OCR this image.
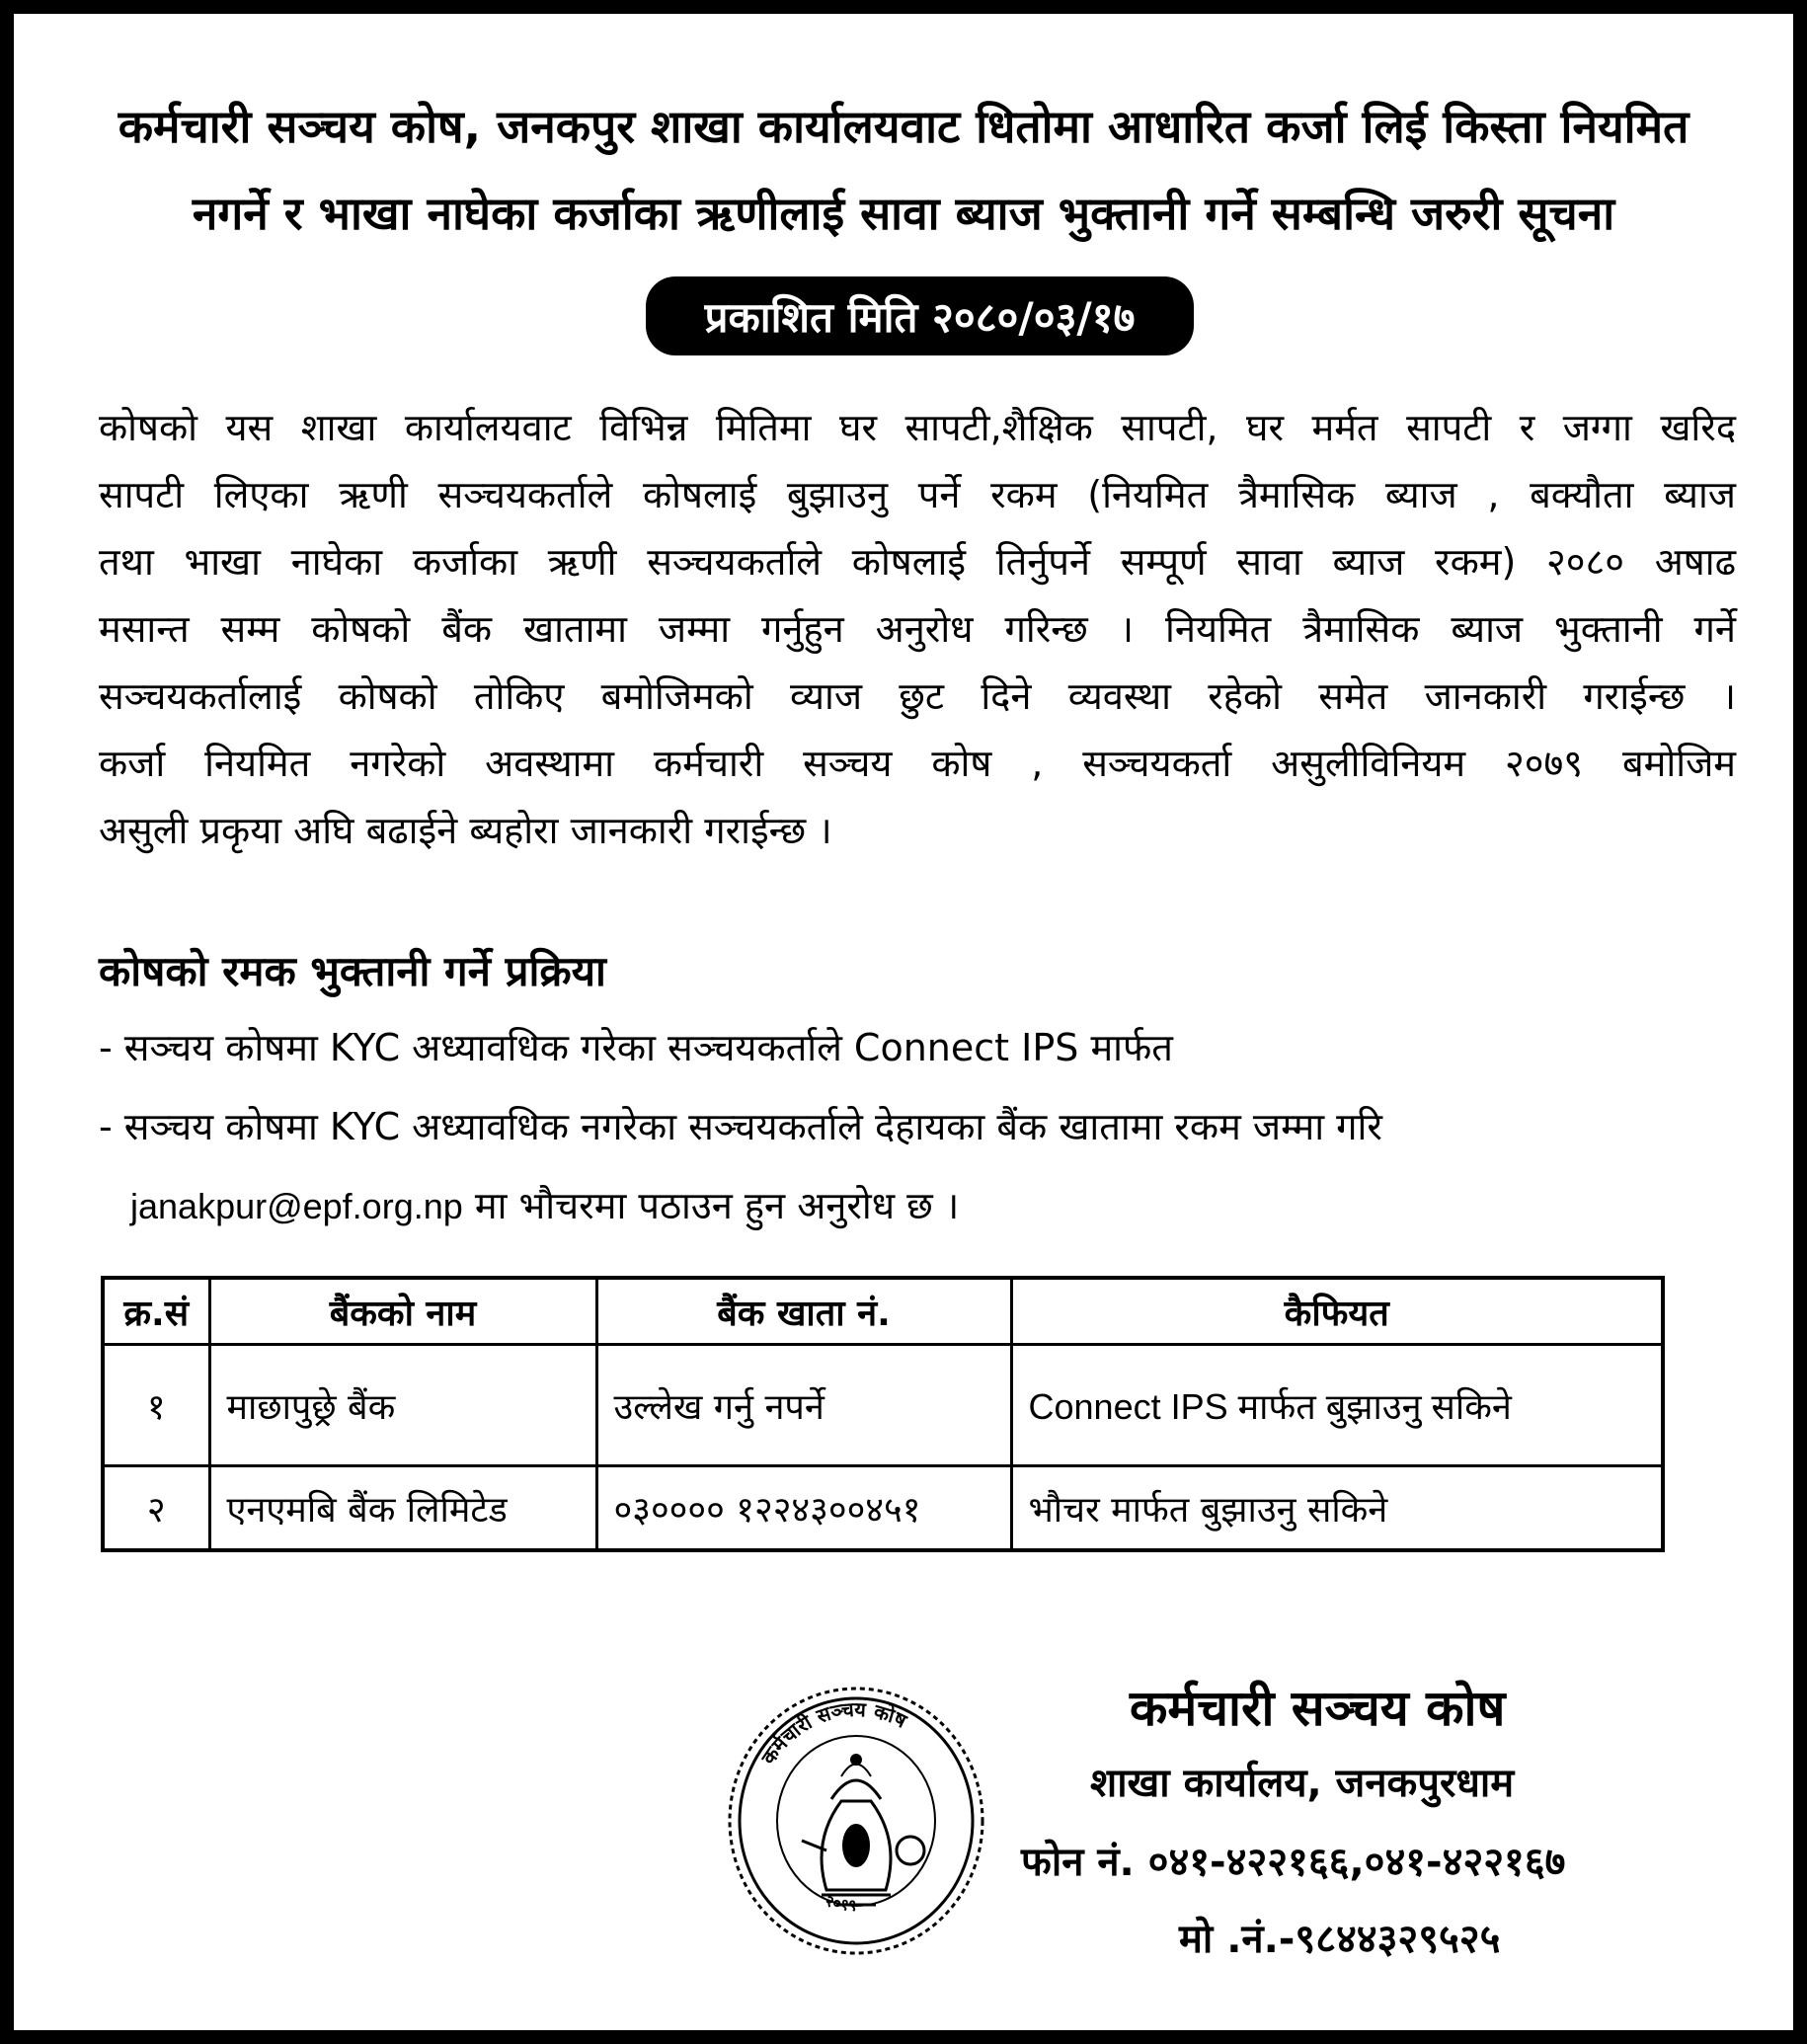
कर्मचारी सञ्चय कोष, जनकपुर शाखा कार्यालयवाट धितोमा आधारित कर्जा लिई किस्ता नियमित
नगर्ने र भाखा नाघेका कर्जाका ऋणीलाई सावा ब्याज भुक्तानी गर्ने सम्बन्धि जरुरी सूचना
प्रकाशित मिति २०८०/०३/१७
कोषको यस शाखा कार्यालयवाट विभिन्न मितिमा घर सापटी,शैक्षिक सापटी, घर मर्मत सापटी र जग्गा खरिद
सापटी लिएका ऋणी सञ्चयकर्ताले कोषलाई बुझाउनु पर्ने रकम (नियमित त्रैमासिक ब्याज , बक्यौता ब्याज
तथा भाखा नाघेका कर्जाका ऋणी सञ्चयकर्ताले कोषलाई तिर्नुपर्ने सम्पूर्ण सावा ब्याज रकम) २०८० अषाढ
मसान्त सम्म कोषको बैंक खातामा जम्मा गर्नुहुन अनुरोध गरिन्छ । नियमित त्रैमासिक ब्याज भुक्तानी गर्ने
सञ्चयकर्तालाई कोषको तोकिए बमोजिमको व्याज छुट दिने व्यवस्था रहेको समेत जानकारी गराईन्छ ।
कर्जा नियमित नगरेको अवस्थामा कर्मचारी सञ्चय कोष , सञ्चयकर्ता असुलीविनियम २०७९ बमोजिम
असुली प्रकृया अघि बढाईने ब्यहोरा जानकारी गराईन्छ ।
कोषको रमक भुक्तानी गर्ने प्रक्रिया
- सञ्चय कोषमा KYC अध्यावधिक गरेका सञ्चयकर्ताले Connect IPS मार्फत
- सञ्चय कोषमा KYC अध्यावधिक नगरेका सञ्चयकर्ताले देहायका बैंक खातामा रकम जम्मा गरि
janakpur@epf.org.np मा भौचरमा पठाउन हुन अनुरोध छ ।
क्र.सं	बैंकको नाम	बैंक खाता नं.	कैफियत
१	माछापुछ्रे बैंक	उल्लेख गर्नु नपर्ने	Connect IPS मार्फत बुझाउनु सकिने
२	एनएमबि बैंक लिमिटेड	०३०००० १२२४३००४५१	भौचर मार्फत बुझाउनु सकिने
कर्मचारी सञ्चय कोष
२०१९
कर्मचारी सञ्चय कोष
शाखा कार्यालय, जनकपुरधाम
फोन नं. ०४१-४२२१६६,०४१-४२२१६७
मो .नं.-९८४४३२९५२५
